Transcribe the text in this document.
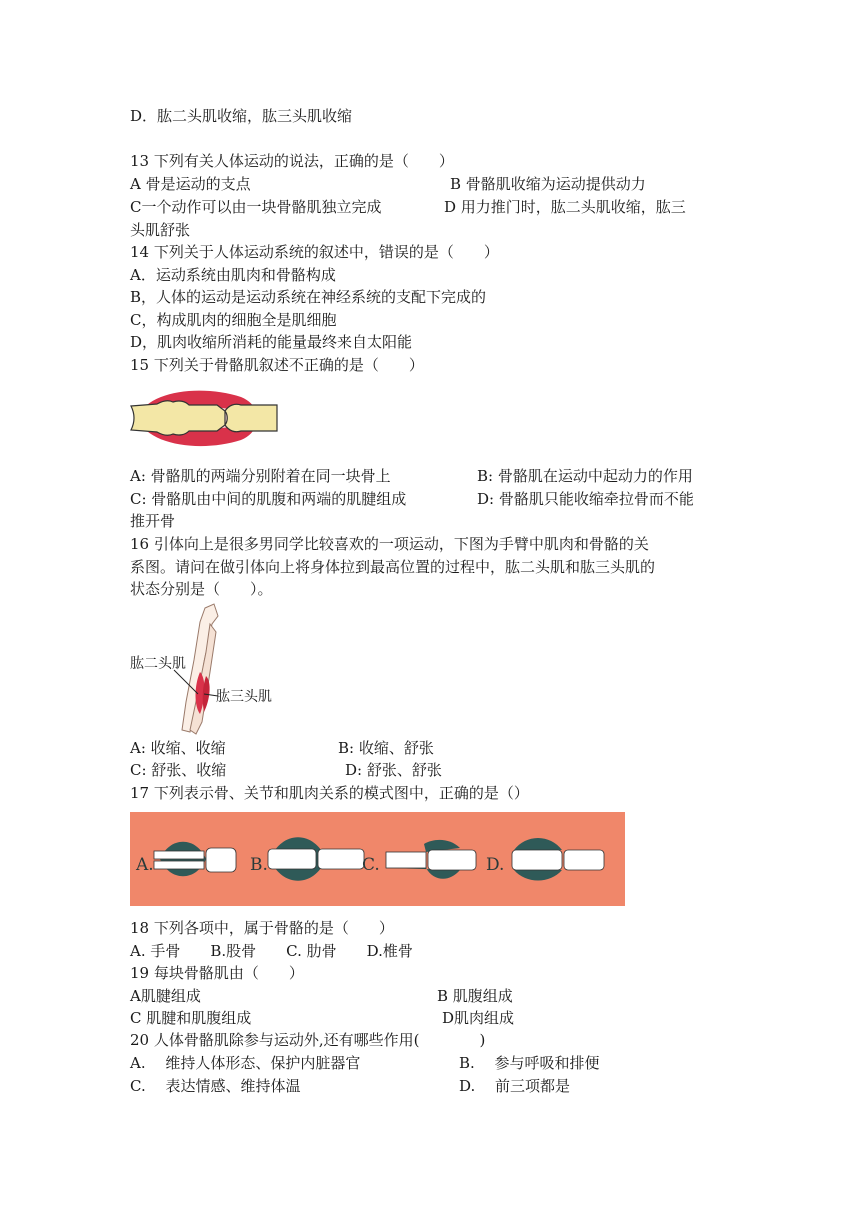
D．肱二头肌收缩，肱三头肌收缩
13 下列有关人体运动的说法，正确的是（　　）
A 骨是运动的支点	B 骨骼肌收缩为运动提供动力
C一个动作可以由一块骨骼肌独立完成	D 用力推门时，肱二头肌收缩，肱三
头肌舒张
14 下列关于人体运动系统的叙述中，错误的是（　　）
A．运动系统由肌肉和骨骼构成
B，人体的运动是运动系统在神经系统的支配下完成的
C，构成肌肉的细胞全是肌细胞
D，肌肉收缩所消耗的能量最终来自太阳能
15 下列关于骨骼肌叙述不正确的是（　　）
A: 骨骼肌的两端分别附着在同一块骨上	B: 骨骼肌在运动中起动力的作用
C: 骨骼肌由中间的肌腹和两端的肌腱组成	D: 骨骼肌只能收缩牵拉骨而不能
推开骨
16 引体向上是很多男同学比较喜欢的一项运动，下图为手臂中肌肉和骨骼的关
系图。请问在做引体向上将身体拉到最高位置的过程中，肱二头肌和肱三头肌的
状态分别是（　　）。
肱二头肌
肱三头肌
A: 收缩、收缩	B: 收缩、舒张
C: 舒张、收缩	D: 舒张、舒张
17 下列表示骨、关节和肌肉关系的模式图中，正确的是（）
A.	B.	C.	D.
18 下列各项中，属于骨骼的是（　　）
A. 手骨　　B.股骨　　C. 肋骨　　D.椎骨
19 每块骨骼肌由（　　）
A肌腱组成	B 肌腹组成
C 肌腱和肌腹组成	D肌肉组成
20 人体骨骼肌除参与运动外,还有哪些作用(　　　　)
A.　 维持人体形态、保护内脏器官	B.　 参与呼吸和排便
C.　 表达情感、维持体温	D.　 前三项都是
